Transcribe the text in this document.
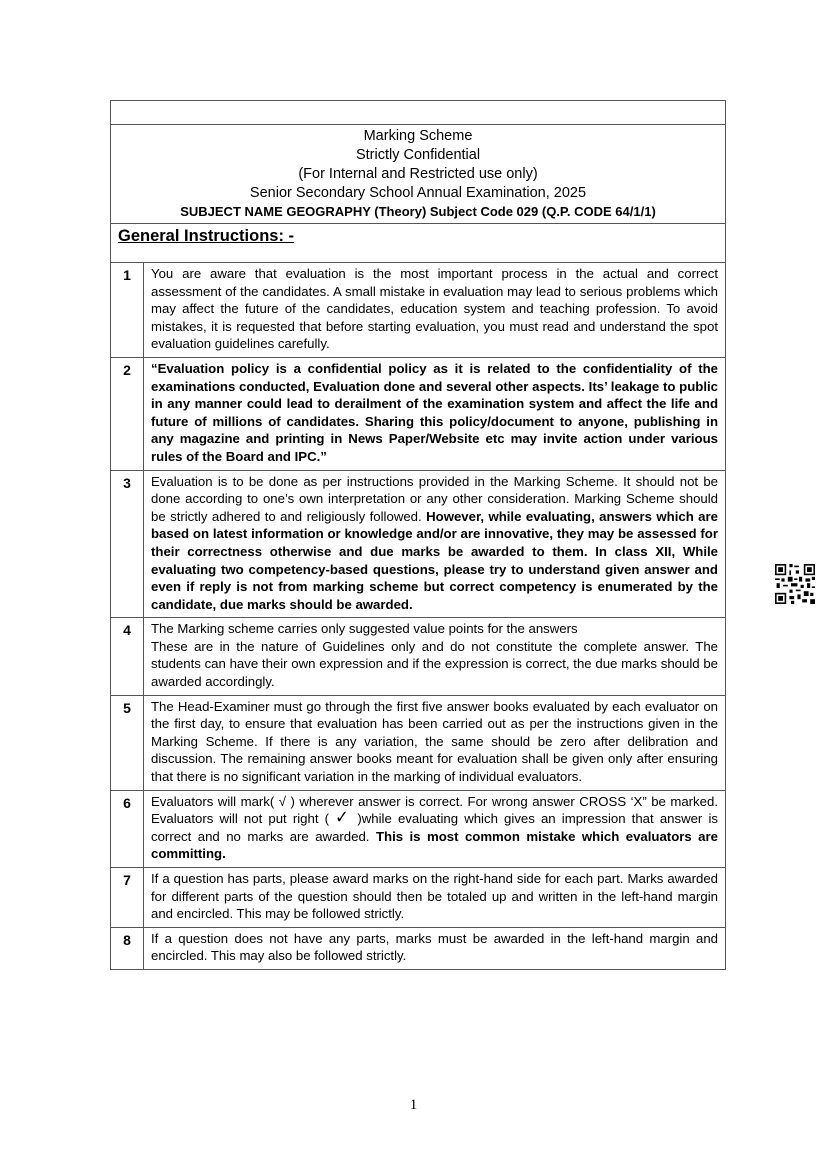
Marking Scheme
Strictly Confidential
(For Internal and Restricted use only)
Senior Secondary School Annual Examination, 2025
SUBJECT NAME GEOGRAPHY (Theory) Subject Code 029 (Q.P. CODE 64/1/1)	

General Instructions: -	
1	You are aware that evaluation is the most important process in the actual and correct assessment of the candidates. A small mistake in evaluation may lead to serious problems which may affect the future of the candidates, education system and teaching profession. To avoid mistakes, it is requested that before starting evaluation, you must read and understand the spot evaluation guidelines carefully.
2	“Evaluation policy is a confidential policy as it is related to the confidentiality of the examinations conducted, Evaluation done and several other aspects. Its’ leakage to public in any manner could lead to derailment of the examination system and affect the life and future of millions of candidates. Sharing this policy/document to anyone, publishing in any magazine and printing in News Paper/Website etc may invite action under various rules of the Board and IPC.”
3	Evaluation is to be done as per instructions provided in the Marking Scheme. It should not be done according to one’s own interpretation or any other consideration. Marking Scheme should be strictly adhered to and religiously followed. However, while evaluating, answers which are based on latest information or knowledge and/or are innovative, they may be assessed for their correctness otherwise and due marks be awarded to them. In class XII, While evaluating two competency-based questions, please try to understand given answer and even if reply is not from marking scheme but correct competency is enumerated by the candidate, due marks should be awarded.
4	The Marking scheme carries only suggested value points for the answers
These are in the nature of Guidelines only and do not constitute the complete answer. The students can have their own expression and if the expression is correct, the due marks should be awarded accordingly.

5	The Head-Examiner must go through the first five answer books evaluated by each evaluator on the first day, to ensure that evaluation has been carried out as per the instructions given in the Marking Scheme. If there is any variation, the same should be zero after delibration and discussion. The remaining answer books meant for evaluation shall be given only after ensuring that there is no significant variation in the marking of individual evaluators.
6	Evaluators will mark( √ ) wherever answer is correct. For wrong answer CROSS ‘X” be marked. Evaluators will not put right ( ✓ )while evaluating which gives an impression that answer is correct and no marks are awarded. This is most common mistake which evaluators are committing.
7	If a question has parts, please award marks on the right-hand side for each part. Marks awarded for different parts of the question should then be totaled up and written in the left-hand margin and encircled. This may be followed strictly.
8	If a question does not have any parts, marks must be awarded in the left-hand margin and encircled. This may also be followed strictly.
1
